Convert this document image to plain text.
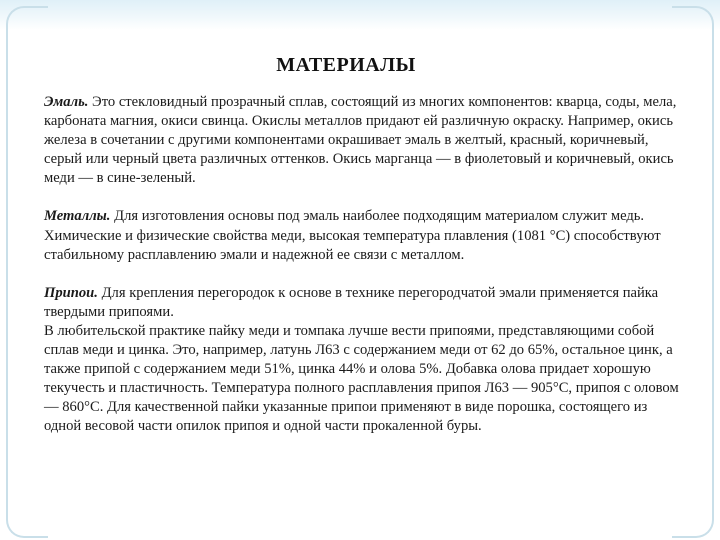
МАТЕРИАЛЫ

Эмаль. Это стекловидный прозрачный сплав, состоящий из многих компонентов: кварца, соды, мела, карбоната магния, окиси свинца. Окислы металлов придают ей различную окраску. Например, окись железа в сочетании с другими компонентами окрашивает эмаль в желтый, красный, коричневый, серый или черный цвета различных оттенков. Окись марганца — в фиолетовый и коричневый, окись меди — в сине-зеленый.

Металлы. Для изготовления основы под эмаль наиболее подходящим материалом служит медь. Химические и физические свойства меди, высокая температура плавления (1081 °С) способствуют стабильному расплавлению эмали и надежной ее связи с металлом.

Припои. Для крепления перегородок к основе в технике перегородчатой эмали применяется пайка твердыми припоями.

В любительской практике пайку меди и томпака лучше вести припоями, представляющими собой сплав меди и цинка. Это, например, латунь Л63 с содержанием меди от 62 до 65%, остальное цинк, а также припой с содержанием меди 51%, цинка 44% и олова 5%. Добавка олова придает хорошую текучесть и пластичность. Температура полного расплавления припоя Л63 — 905°С, припоя с оловом — 860°С. Для качественной пайки указанные припои применяют в виде порошка, состоящего из одной весовой части опилок припоя и одной части прокаленной буры.
